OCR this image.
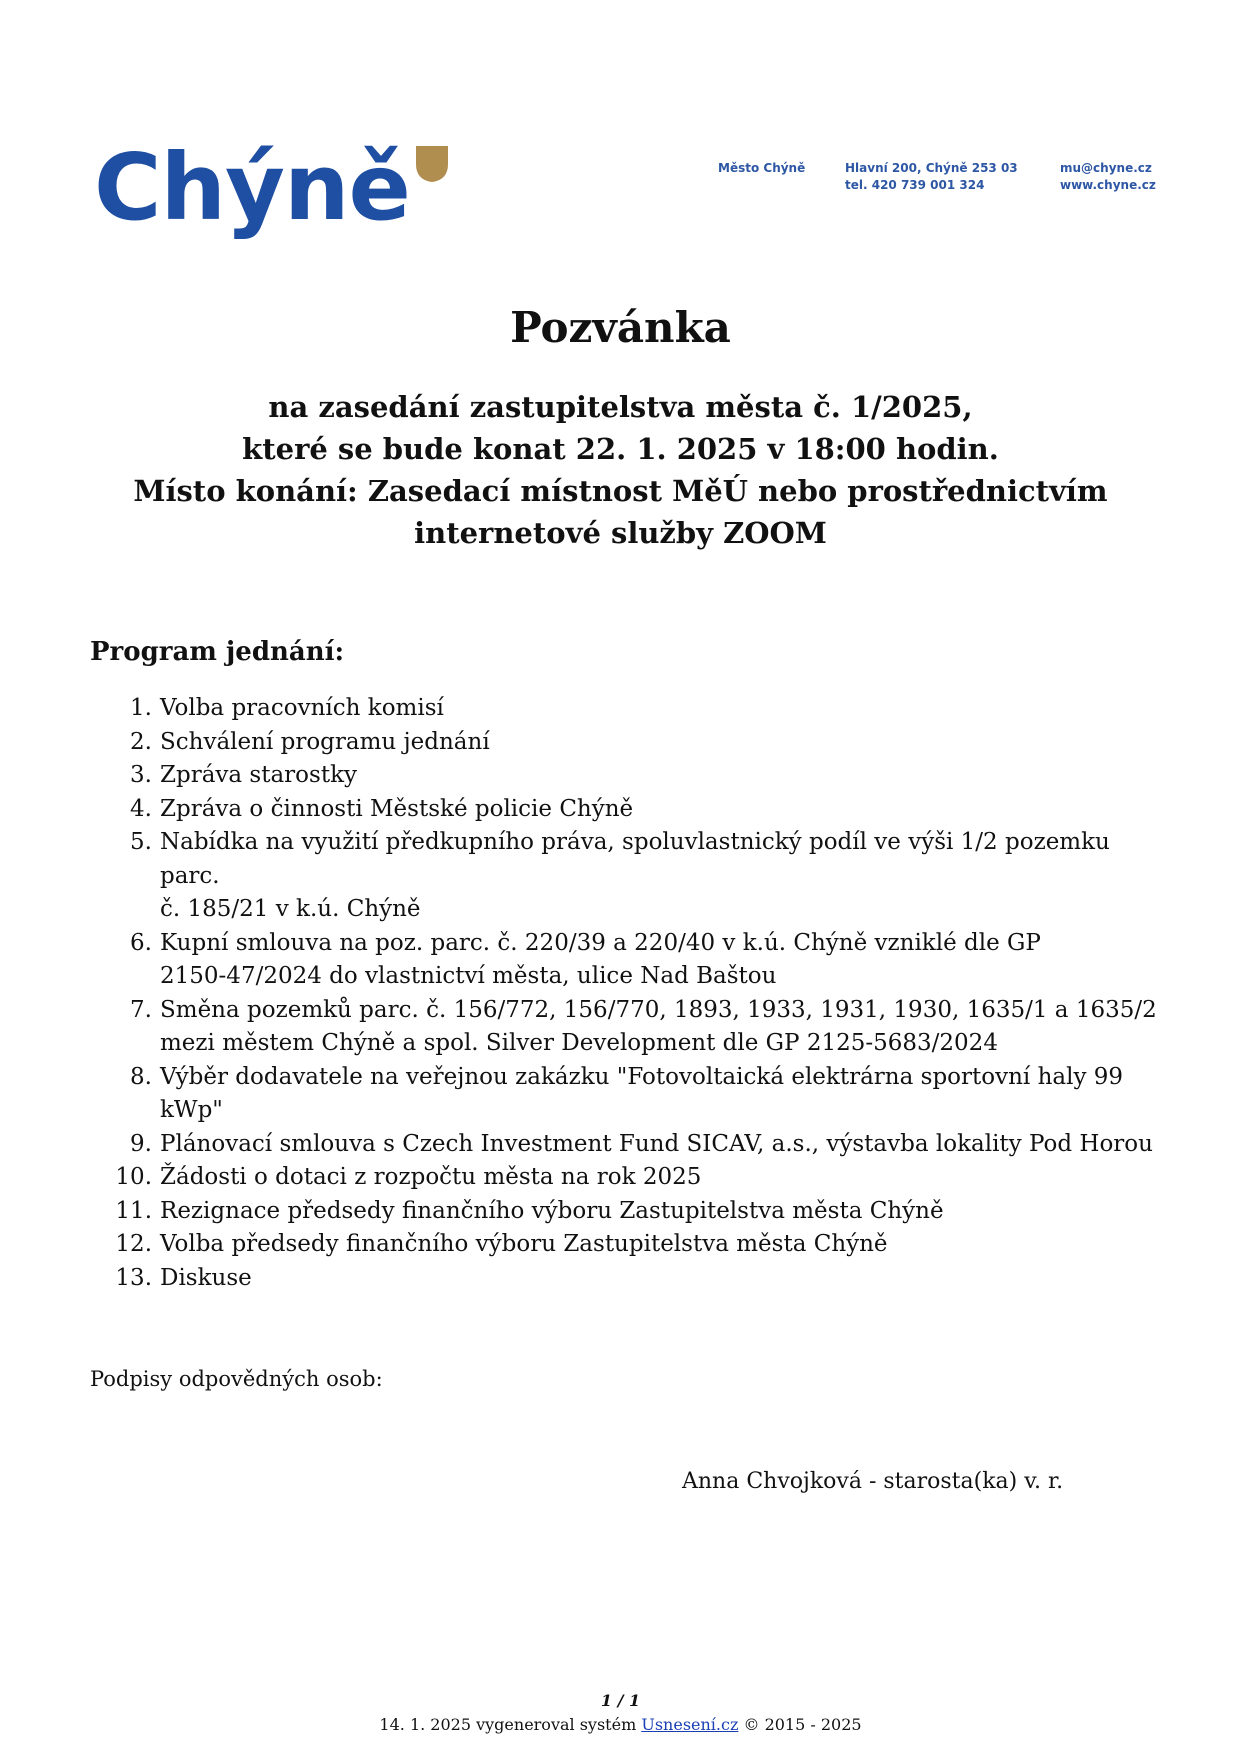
Chýně	Město Chýně	Hlavní 200, Chýně 253 03
tel. 420 739 001 324
mu@chyne.cz
www.chyne.cz
Pozvánka
na zasedání zastupitelstva města č. 1/2025,
které se bude konat 22. 1. 2025 v 18:00 hodin.
Místo konání: Zasedací místnost MěÚ nebo prostřednictvím
internetové služby ZOOM
Program jednání:
1. Volba pracovních komisí
2. Schválení programu jednání
3. Zpráva starostky
4. Zpráva o činnosti Městské policie Chýně
5. Nabídka na využití předkupního práva, spoluvlastnický podíl ve výši 1/2 pozemku parc.
č. 185/21 v k.ú. Chýně
6. Kupní smlouva na poz. parc. č. 220/39 a 220/40 v k.ú. Chýně vzniklé dle GP
2150-47/2024 do vlastnictví města, ulice Nad Baštou
7. Směna pozemků parc. č. 156/772, 156/770, 1893, 1933, 1931, 1930, 1635/1 a 1635/2
mezi městem Chýně a spol. Silver Development dle GP 2125-5683/2024
8. Výběr dodavatele na veřejnou zakázku "Fotovoltaická elektrárna sportovní haly 99
kWp"
9. Plánovací smlouva s Czech Investment Fund SICAV, a.s., výstavba lokality Pod Horou
10. Žádosti o dotaci z rozpočtu města na rok 2025
11. Rezignace předsedy finančního výboru Zastupitelstva města Chýně
12. Volba předsedy finančního výboru Zastupitelstva města Chýně
13. Diskuse
Podpisy odpovědných osob:
Anna Chvojková - starosta(ka) v. r.
1 / 1
14. 1. 2025 vygeneroval systém Usnesení.cz © 2015 - 2025
